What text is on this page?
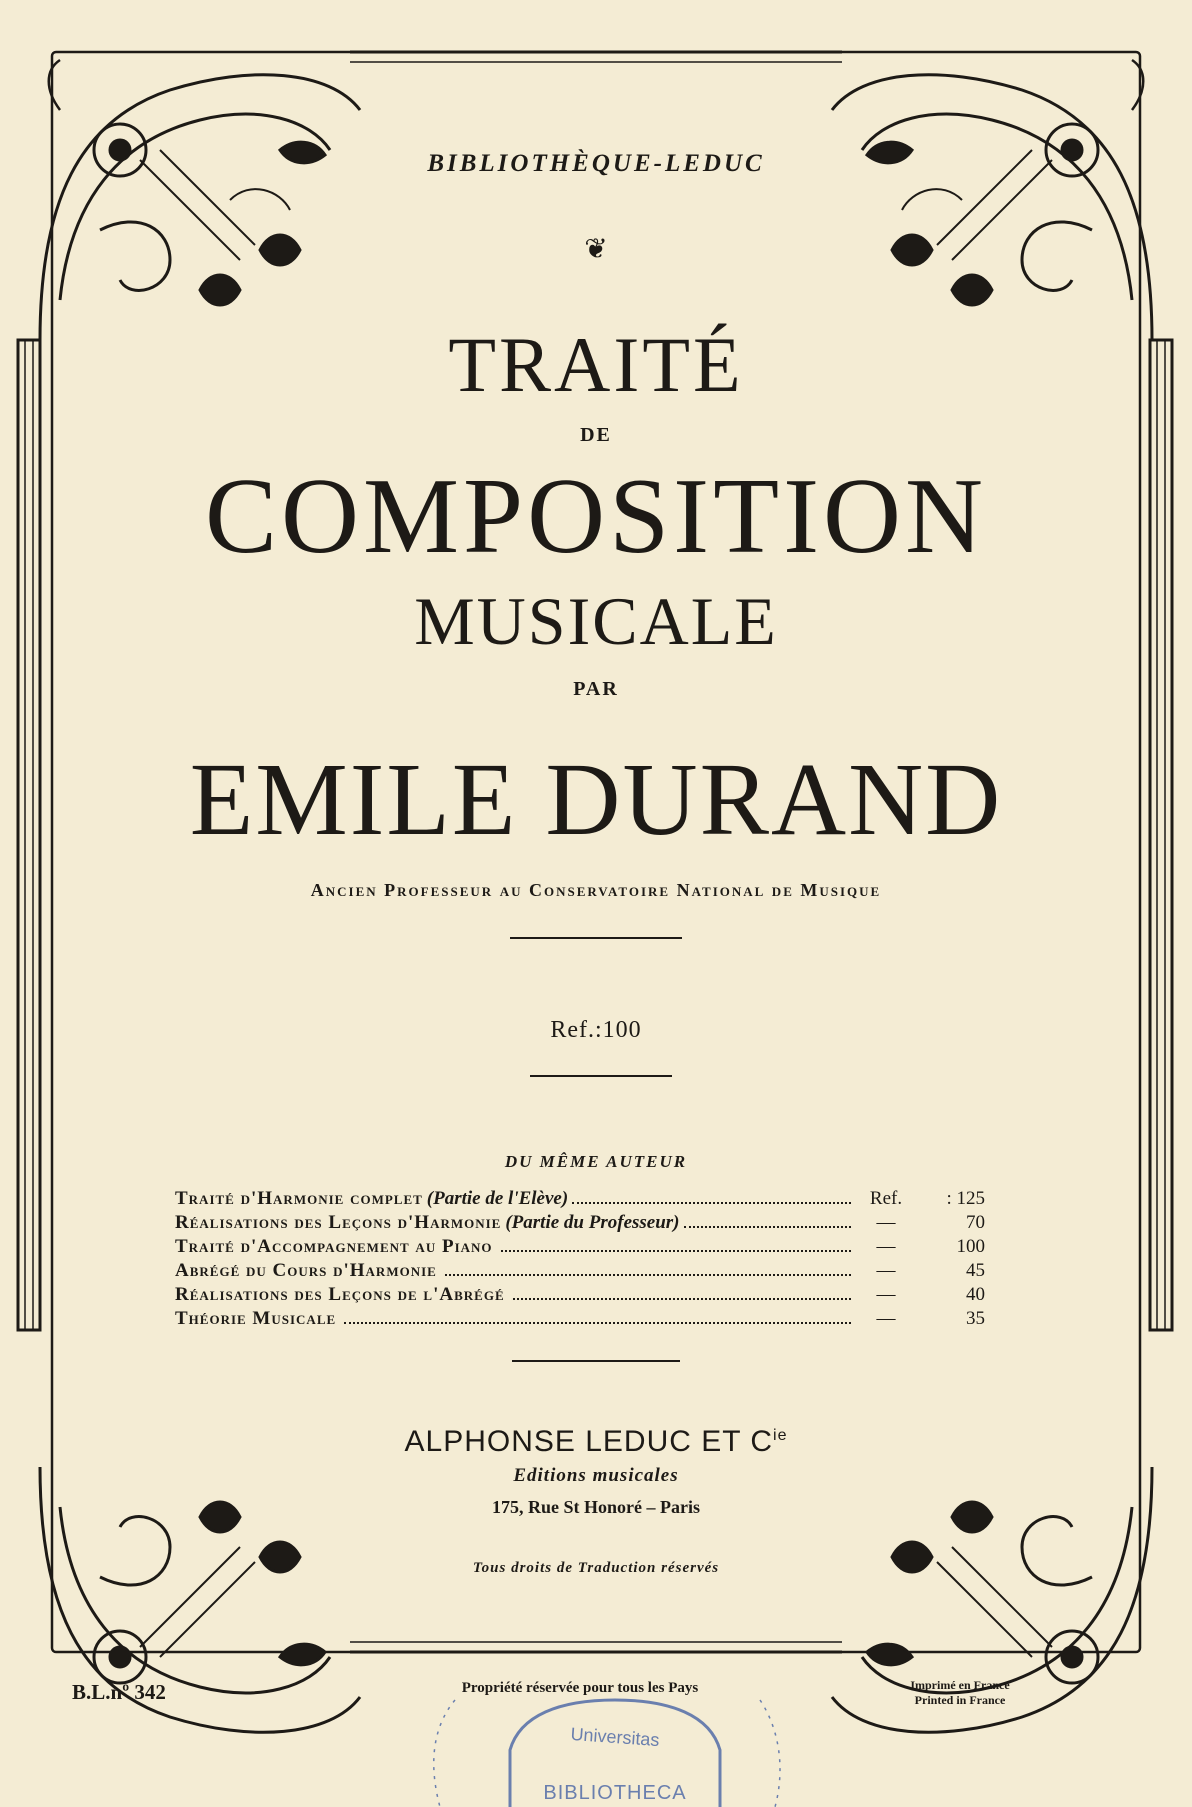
BIBLIOTHÈQUE-LEDUC
❦
TRAITÉ
DE
COMPOSITION
MUSICALE
PAR
EMILE DURAND
Ancien Professeur au Conservatoire National de Musique
Ref.:100
DU MÊME AUTEUR
Traité d'Harmonie complet (Partie de l'Elève)	Ref.	: 125
Réalisations des Leçons d'Harmonie (Partie du Professeur)	—	70
Traité d'Accompagnement au Piano	—	100
Abrégé du Cours d'Harmonie	—	45
Réalisations des Leçons de l'Abrégé	—	40
Théorie Musicale	—	35
ALPHONSE LEDUC ET $C^{ie}$
Editions musicales
175, Rue St Honoré – Paris
Tous droits de Traduction réservés
B.L.nº 342	Propriété réservée pour tous les Pays	Imprimé en France
Printed in France
Universitas
BIBLIOTHECA
